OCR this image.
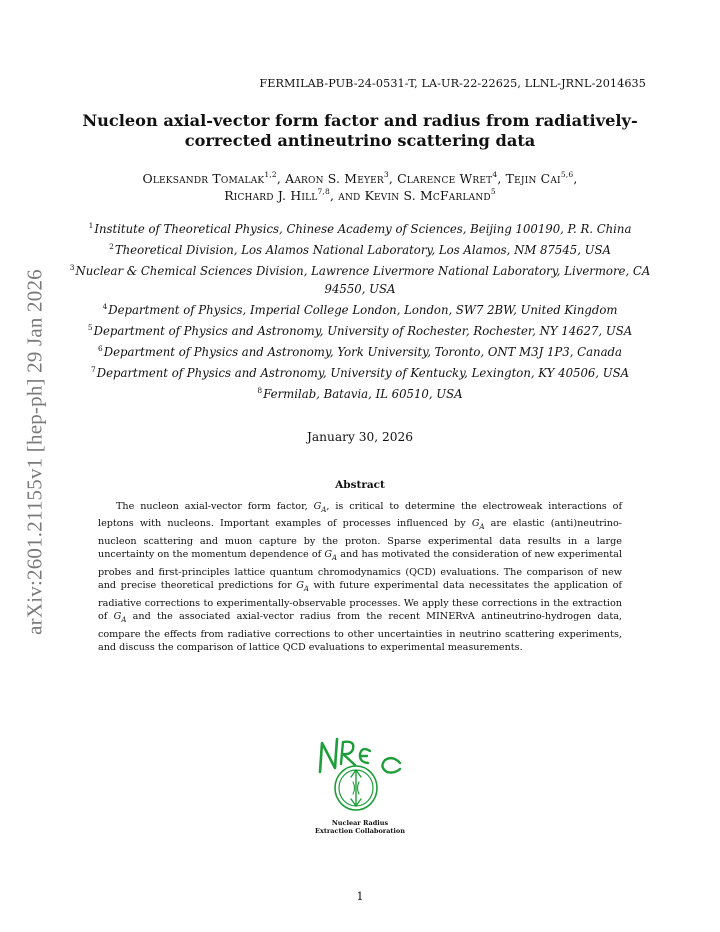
FERMILAB-PUB-24-0531-T, LA-UR-22-22625, LLNL-JRNL-2014635
Nucleon axial-vector form factor and radius from radiatively-corrected antineutrino scattering data
Oleksandr Tomalak$^{1,2}$, Aaron S. Meyer$^3$, Clarence Wret$^4$, Tejin Cai$^{5,6}$,
Richard J. Hill$^{7,8}$, and Kevin S. McFarland$^5$
$^1$Institute of Theoretical Physics, Chinese Academy of Sciences, Beijing 100190, P. R. China
$^2$Theoretical Division, Los Alamos National Laboratory, Los Alamos, NM 87545, USA
$^3$Nuclear & Chemical Sciences Division, Lawrence Livermore National Laboratory, Livermore, CA 94550, USA
$^4$Department of Physics, Imperial College London, London, SW7 2BW, United Kingdom
$^5$Department of Physics and Astronomy, University of Rochester, Rochester, NY 14627, USA
$^6$Department of Physics and Astronomy, York University, Toronto, ONT M3J 1P3, Canada
$^7$Department of Physics and Astronomy, University of Kentucky, Lexington, KY 40506, USA
$^8$Fermilab, Batavia, IL 60510, USA
January 30, 2026
Abstract
The nucleon axial-vector form factor, $G_A$, is critical to determine the electroweak interactions of leptons with nucleons. Important examples of processes influenced by $G_A$ are elastic (anti)neutrino-nucleon scattering and muon capture by the proton. Sparse experimental data results in a large uncertainty on the momentum dependence of $G_A$ and has motivated the consideration of new experimental probes and first-principles lattice quantum chromodynamics (QCD) evaluations. The comparison of new and precise theoretical predictions for $G_A$ with future experimental data necessitates the application of radiative corrections to experimentally-observable processes. We apply these corrections in the extraction of $G_A$ and the associated axial-vector radius from the recent MINERvA antineutrino-hydrogen data, compare the effects from radiative corrections to other uncertainties in neutrino scattering experiments, and discuss the comparison of lattice QCD evaluations to experimental measurements.
arXiv:2601.21155v1 [hep-ph] 29 Jan 2026
Nuclear Radius
Extraction Collaboration
1
